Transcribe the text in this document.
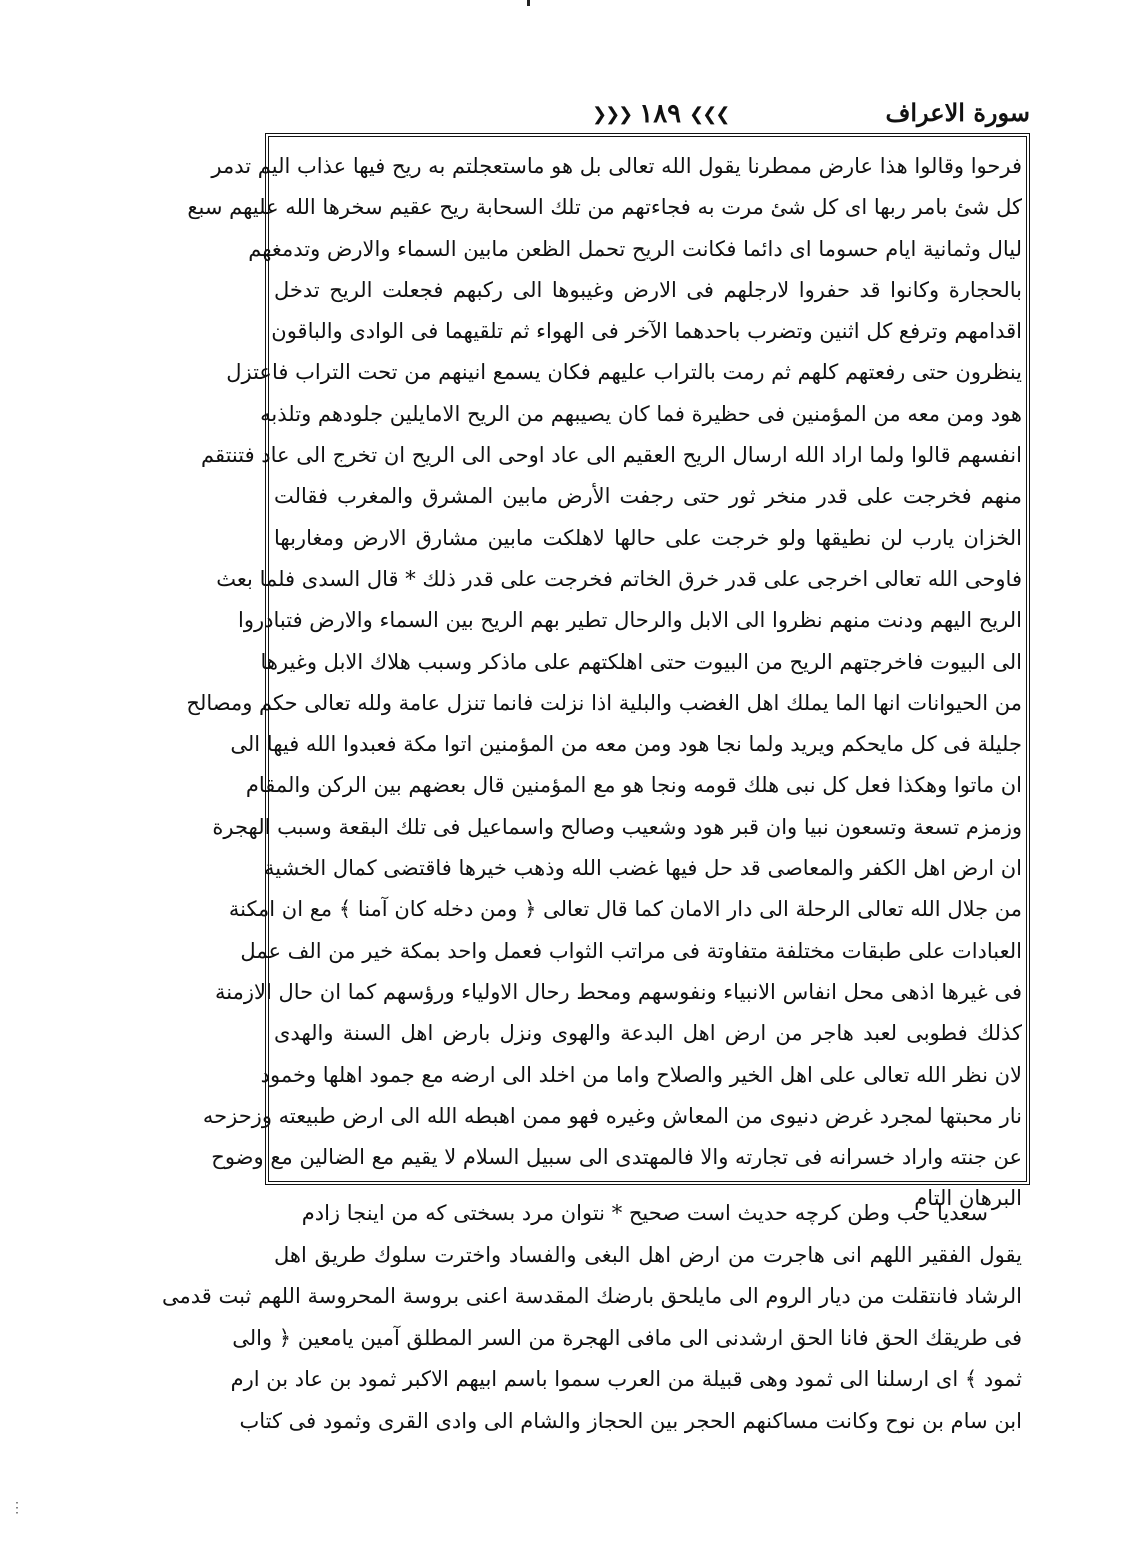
سورة الاعراف
❯❯❯ ١٨٩ ❮❮❮
فرحوا وقالوا هذا عارض ممطرنا يقول الله تعالى بل هو ماستعجلتم به ريح فيها عذاب اليم تدمر
كل شئ بامر ربها اى كل شئ مرت به فجاءتهم من تلك السحابة ريح عقيم سخرها الله عليهم سبع
ليال وثمانية ايام حسوما اى دائما فكانت الريح تحمل الظعن مابين السماء والارض وتدمغهم
بالحجارة وكانوا قد حفروا لارجلهم فى الارض وغيبوها الى ركبهم فجعلت الريح تدخل
اقدامهم وترفع كل اثنين وتضرب باحدهما الآخر فى الهواء ثم تلقيهما فى الوادى والباقون
ينظرون حتى رفعتهم كلهم ثم رمت بالتراب عليهم فكان يسمع انينهم من تحت التراب فاعتزل
هود ومن معه من المؤمنين فى حظيرة فما كان يصيبهم من الريح الامايلين جلودهم وتلذبه
انفسهم قالوا ولما اراد الله ارسال الريح العقيم الى عاد اوحى الى الريح ان تخرج الى عاد فتنتقم
منهم فخرجت على قدر منخر ثور حتى رجفت الأرض مابين المشرق والمغرب فقالت
الخزان يارب لن نطيقها ولو خرجت على حالها لاهلكت مابين مشارق الارض ومغاربها
فاوحى الله تعالى اخرجى على قدر خرق الخاتم فخرجت على قدر ذلك * قال السدى فلما بعث
الريح اليهم ودنت منهم نظروا الى الابل والرحال تطير بهم الريح بين السماء والارض فتبادروا
الى البيوت فاخرجتهم الريح من البيوت حتى اهلكتهم على ماذكر وسبب هلاك الابل وغيرها
من الحيوانات انها الما يملك اهل الغضب والبلية اذا نزلت فانما تنزل عامة ولله تعالى حكم ومصالح
جليلة فى كل مايحكم ويريد ولما نجا هود ومن معه من المؤمنين اتوا مكة فعبدوا الله فيها الى
ان ماتوا وهكذا فعل كل نبى هلك قومه ونجا هو مع المؤمنين قال بعضهم بين الركن والمقام
وزمزم تسعة وتسعون نبيا وان قبر هود وشعيب وصالح واسماعيل فى تلك البقعة وسبب الهجرة
ان ارض اهل الكفر والمعاصى قد حل فيها غضب الله وذهب خيرها فاقتضى كمال الخشية
من جلال الله تعالى الرحلة الى دار الامان كما قال تعالى ﴿ ومن دخله كان آمنا ﴾ مع ان امكنة
العبادات على طبقات مختلفة متفاوتة فى مراتب الثواب فعمل واحد بمكة خير من الف عمل
فى غيرها اذهى محل انفاس الانبياء ونفوسهم ومحط رحال الاولياء ورؤسهم كما ان حال الازمنة
كذلك فطوبى لعبد هاجر من ارض اهل البدعة والهوى ونزل بارض اهل السنة والهدى
لان نظر الله تعالى على اهل الخير والصلاح واما من اخلد الى ارضه مع جمود اهلها وخمود
نار محبتها لمجرد غرض دنيوى من المعاش وغيره فهو ممن اهبطه الله الى ارض طبيعته وزحزحه
عن جنته واراد خسرانه فى تجارته والا فالمهتدى الى سبيل السلام لا يقيم مع الضالين مع وضوح
البرهان التام
سعديا حب وطن كرچه حديث است صحيح * نتوان مرد بسختى كه من اينجا زادم
يقول الفقير اللهم انى هاجرت من ارض اهل البغى والفساد واخترت سلوك طريق اهل
الرشاد فانتقلت من ديار الروم الى مايلحق بارضك المقدسة اعنى بروسة المحروسة اللهم ثبت قدمى
فى طريقك الحق فانا الحق ارشدنى الى مافى الهجرة من السر المطلق آمين يامعين ﴿ والى
ثمود ﴾ اى ارسلنا الى ثمود وهى قبيلة من العرب سموا باسم ابيهم الاكبر ثمود بن عاد بن ارم
ابن سام بن نوح وكانت مساكنهم الحجر بين الحجاز والشام الى وادى القرى وثمود فى كتاب
⋮
